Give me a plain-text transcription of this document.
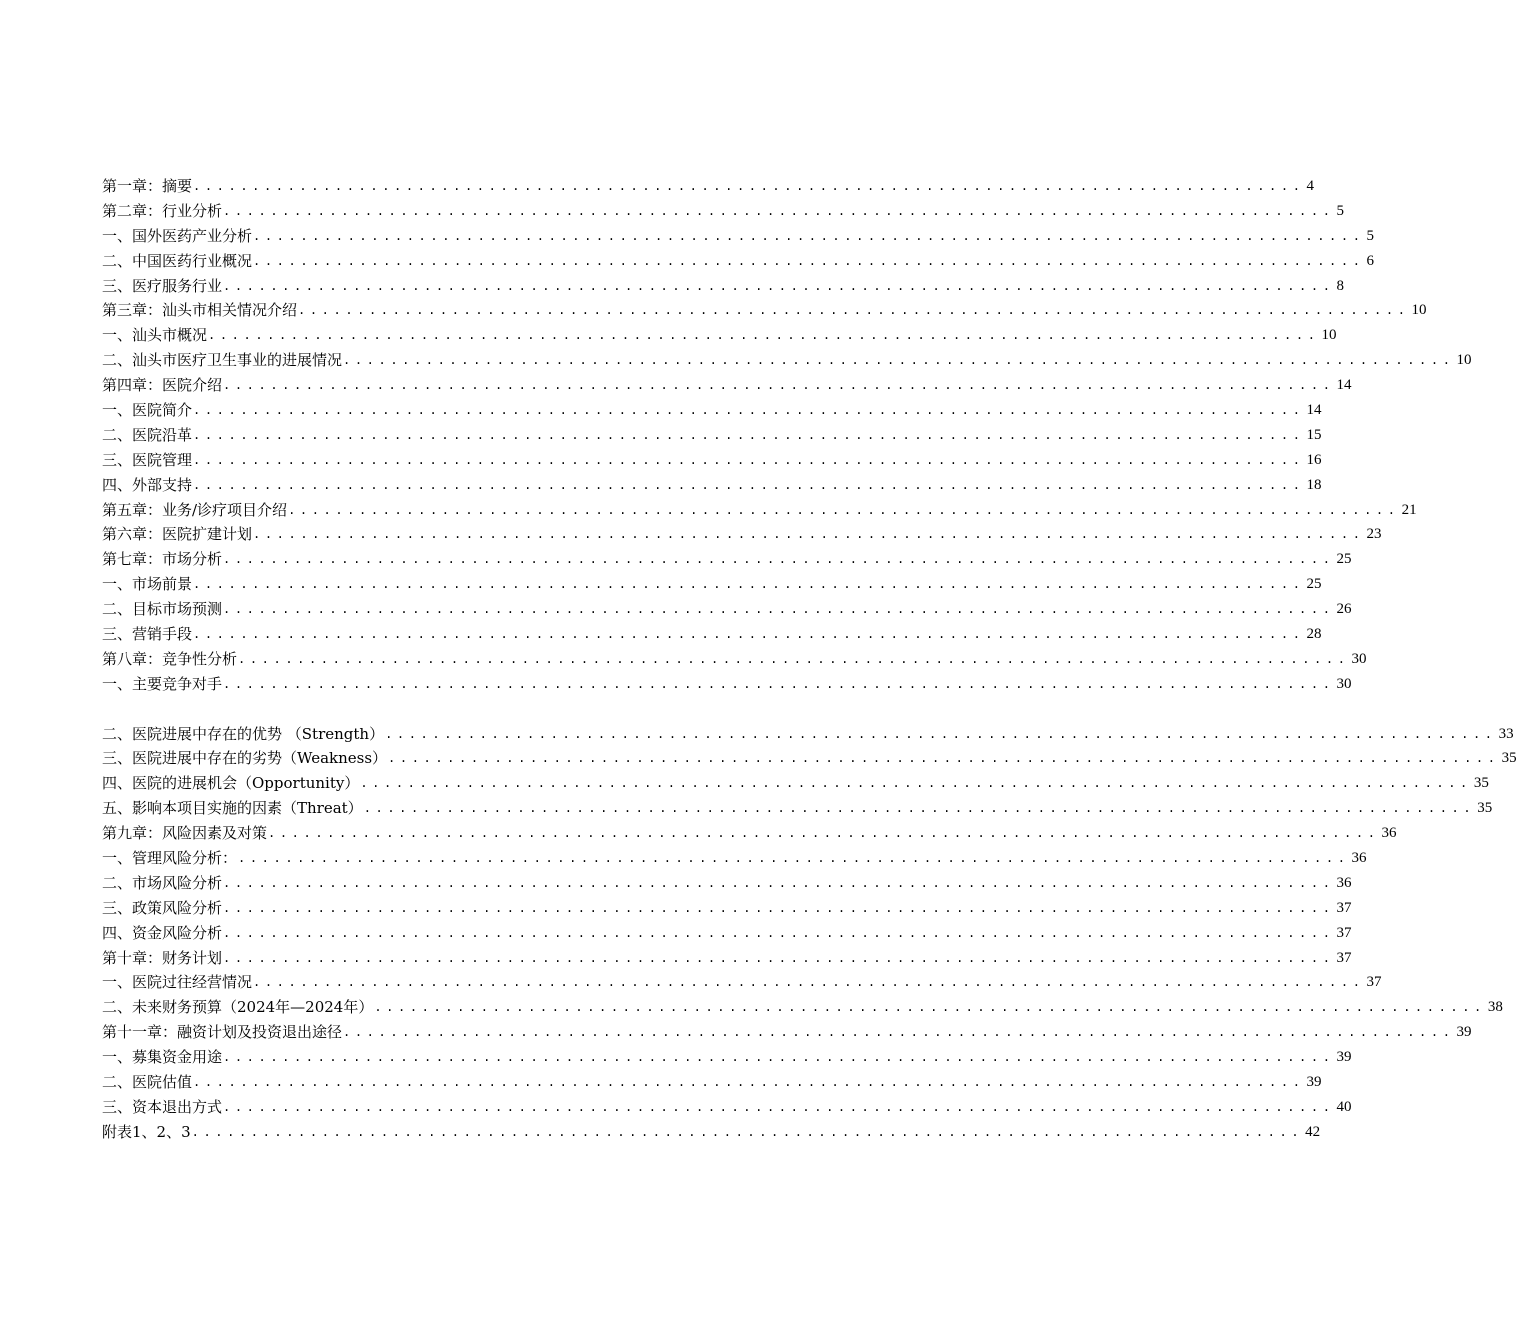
第一章：摘要 .............................................................................................. 4
第二章：行业分析 .............................................................................................. 5
一、国外医药产业分析 .............................................................................................. 5
二、中国医药行业概况 .............................................................................................. 6
三、医疗服务行业 .............................................................................................. 8
第三章：汕头市相关情况介绍 .............................................................................................. 10
一、汕头市概况 .............................................................................................. 10
二、汕头市医疗卫生事业的进展情况 .............................................................................................. 10
第四章：医院介绍 .............................................................................................. 14
一、医院简介 .............................................................................................. 14
二、医院沿革 .............................................................................................. 15
三、医院管理 .............................................................................................. 16
四、外部支持 .............................................................................................. 18
第五章：业务/诊疗项目介绍 .............................................................................................. 21
第六章：医院扩建计划 .............................................................................................. 23
第七章：市场分析 .............................................................................................. 25
一、市场前景 .............................................................................................. 25
二、目标市场预测 .............................................................................................. 26
三、营销手段 .............................................................................................. 28
第八章：竞争性分析 .............................................................................................. 30
一、主要竞争对手 .............................................................................................. 30
二、医院进展中存在的优势 （Strength） .............................................................................................. 33
三、医院进展中存在的劣势（Weakness） .............................................................................................. 35
四、医院的进展机会（Opportunity） .............................................................................................. 35
五、影响本项目实施的因素（Threat） .............................................................................................. 35
第九章：风险因素及对策 .............................................................................................. 36
一、管理风险分析： .............................................................................................. 36
二、市场风险分析 .............................................................................................. 36
三、政策风险分析 .............................................................................................. 37
四、资金风险分析 .............................................................................................. 37
第十章：财务计划 .............................................................................................. 37
一、医院过往经营情况 .............................................................................................. 37
二、未来财务预算（2024年—2024年） .............................................................................................. 38
第十一章：融资计划及投资退出途径 .............................................................................................. 39
一、募集资金用途 .............................................................................................. 39
二、医院估值 .............................................................................................. 39
三、资本退出方式 .............................................................................................. 40
附表1、2、3 .............................................................................................. 42
